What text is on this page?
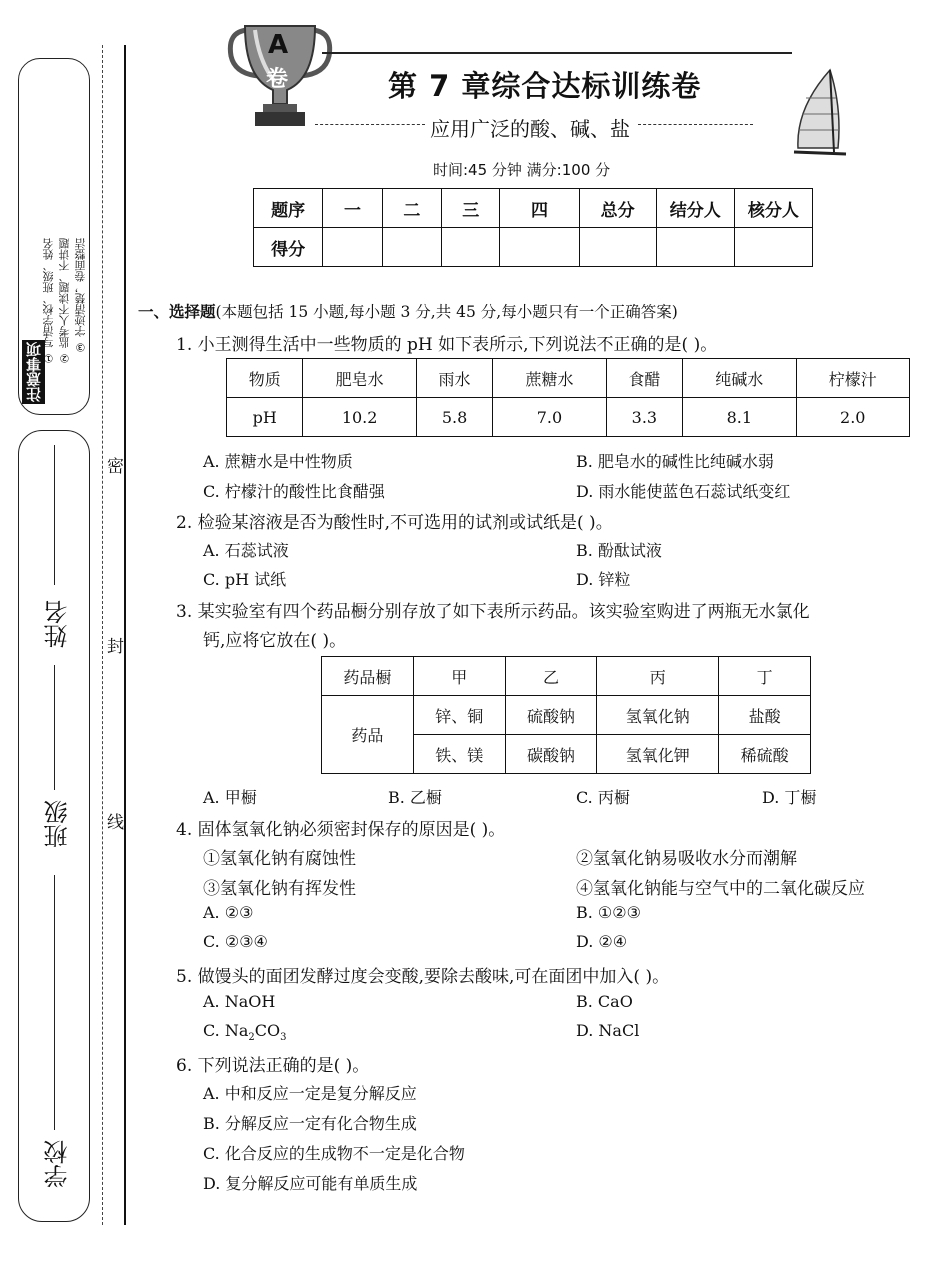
注意事项
① 写清学校、班级、姓名 ② 监考人不读题、不讲题 ③ 字迹清楚，卷面整洁
姓名
班级
学校
密
封
线
A
卷	第 7 章综合达标训练卷
应用广泛的酸、碱、盐
时间:45 分钟 满分:100 分
题序	一	二	三	四	总分	结分人	核分人
得分							
一、选择题(本题包括 15 小题,每小题 3 分,共 45 分,每小题只有一个正确答案)
1. 小王测得生活中一些物质的 pH 如下表所示,下列说法不正确的是( )。
物质	肥皂水	雨水	蔗糖水	食醋	纯碱水	柠檬汁
pH	10.2	5.8	7.0	3.3	8.1	2.0
A. 蔗糖水是中性物质	B. 肥皂水的碱性比纯碱水弱
C. 柠檬汁的酸性比食醋强	D. 雨水能使蓝色石蕊试纸变红
2. 检验某溶液是否为酸性时,不可选用的试剂或试纸是( )。
A. 石蕊试液	B. 酚酞试液
C. pH 试纸	D. 锌粒
3. 某实验室有四个药品橱分别存放了如下表所示药品。该实验室购进了两瓶无水氯化
钙,应将它放在( )。
药品橱	甲	乙	丙	丁
药品	锌、铜	硫酸钠	氢氧化钠	盐酸
	铁、镁	碳酸钠	氢氧化钾	稀硫酸
A. 甲橱	B. 乙橱	C. 丙橱	D. 丁橱
4. 固体氢氧化钠必须密封保存的原因是( )。
①氢氧化钠有腐蚀性	②氢氧化钠易吸收水分而潮解
③氢氧化钠有挥发性	④氢氧化钠能与空气中的二氧化碳反应
A. ②③	B. ①②③
C. ②③④	D. ②④
5. 做馒头的面团发酵过度会变酸,要除去酸味,可在面团中加入( )。
A. NaOH	B. CaO
C. $Na_2CO_3$	D. NaCl
6. 下列说法正确的是( )。
A. 中和反应一定是复分解反应
B. 分解反应一定有化合物生成
C. 化合反应的生成物不一定是化合物
D. 复分解反应可能有单质生成
